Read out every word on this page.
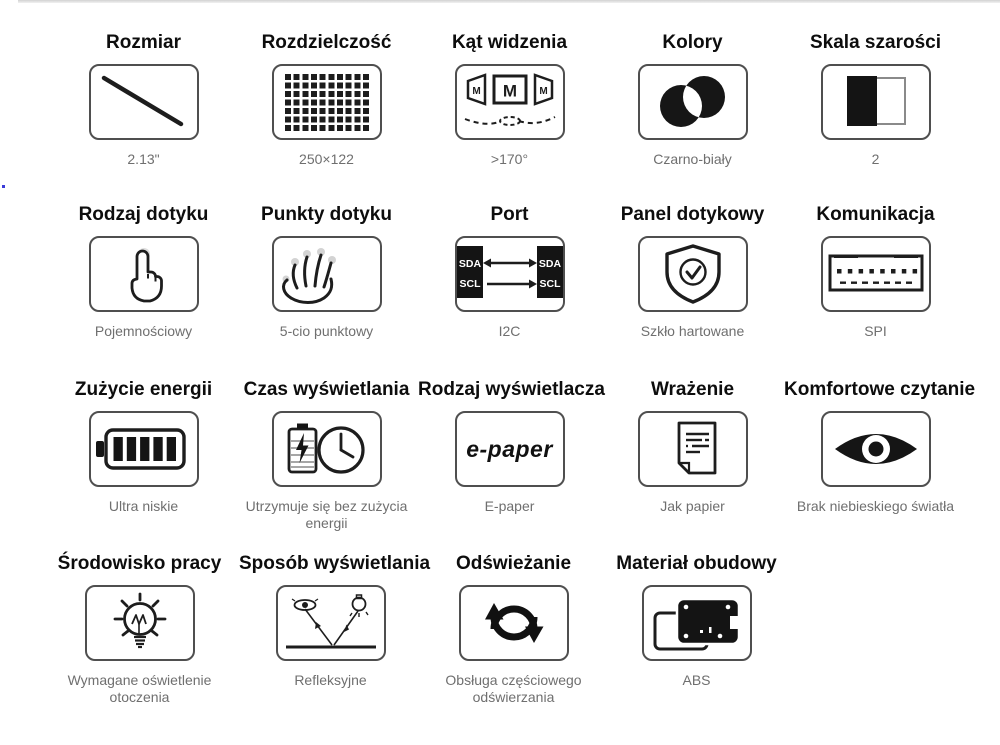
Rozmiar
2.13"
Rozdzielczość
250×122
Kąt widzenia
M
M	M
>170°
Kolory
Czarno-biały
Skala szarości
2
Rodzaj dotyku
Pojemnościowy
Punkty dotyku
5-cio punktowy
Port
SDA
SCL
SDA
SCL
I2C
Panel dotykowy
Szkło hartowane
Komunikacja
SPI
Zużycie energii
Ultra niskie
Czas wyświetlania
Utrzymuje się bez zużycia energii
Rodzaj wyświetlacza
e-paper
E-paper
Wrażenie
Jak papier
Komfortowe czytanie
Brak niebieskiego światła
Środowisko pracy
Wymagane oświetlenie otoczenia
Sposób wyświetlania
Refleksyjne
Odświeżanie
Obsługa częściowego odświerzania
Materiał obudowy
ABS
